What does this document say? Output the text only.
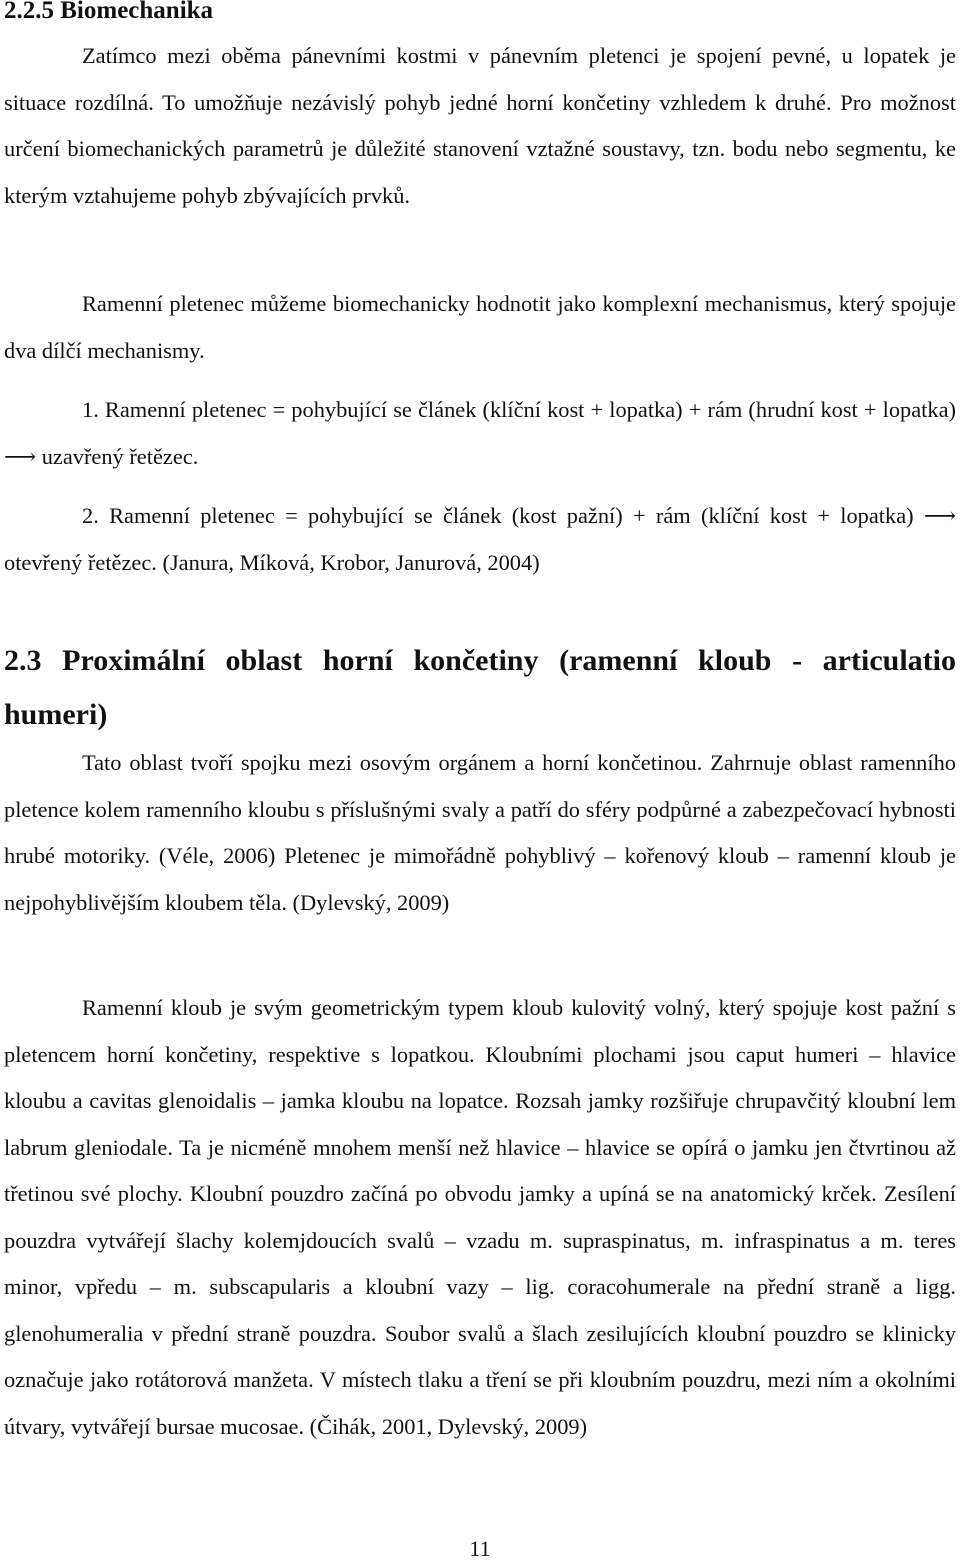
2.2.5 Biomechanika

Zatímco mezi oběma pánevními kostmi v pánevním pletenci je spojení pevné, u lopatek je situace rozdílná. To umožňuje nezávislý pohyb jedné horní končetiny vzhledem k druhé. Pro možnost určení biomechanických parametrů je důležité stanovení vztažné soustavy, tzn. bodu nebo segmentu, ke kterým vztahujeme pohyb zbývajících prvků.

Ramenní pletenec můžeme biomechanicky hodnotit jako komplexní mechanismus, který spojuje dva dílčí mechanismy.

1. Ramenní pletenec = pohybující se článek (klíční kost + lopatka) + rám (hrudní kost + lopatka) ⟶ uzavřený řetězec.

2. Ramenní pletenec = pohybující se článek (kost pažní) + rám (klíční kost + lopatka) ⟶ otevřený řetězec. (Janura, Míková, Krobor, Janurová, 2004)

2.3 Proximální oblast horní končetiny (ramenní kloub - articulatio humeri)

Tato oblast tvoří spojku mezi osovým orgánem a horní končetinou. Zahrnuje oblast ramenního pletence kolem ramenního kloubu s příslušnými svaly a patří do sféry podpůrné a zabezpečovací hybnosti hrubé motoriky. (Véle, 2006) Pletenec je mimořádně pohyblivý – kořenový kloub – ramenní kloub je nejpohyblivějším kloubem těla. (Dylevský, 2009)

Ramenní kloub je svým geometrickým typem kloub kulovitý volný, který spojuje kost pažní s pletencem horní končetiny, respektive s lopatkou. Kloubními plochami jsou caput humeri – hlavice kloubu a cavitas glenoidalis – jamka kloubu na lopatce. Rozsah jamky rozšiřuje chrupavčitý kloubní lem labrum gleniodale. Ta je nicméně mnohem menší než hlavice – hlavice se opírá o jamku jen čtvrtinou až třetinou své plochy. Kloubní pouzdro začíná po obvodu jamky a upíná se na anatomický krček. Zesílení pouzdra vytvářejí šlachy kolemjdoucích svalů – vzadu m. supraspinatus, m. infraspinatus a m. teres minor, vpředu – m. subscapularis a kloubní vazy – lig. coracohumerale na přední straně a ligg. glenohumeralia v přední straně pouzdra. Soubor svalů a šlach zesilujících kloubní pouzdro se klinicky označuje jako rotátorová manžeta. V místech tlaku a tření se při kloubním pouzdru, mezi ním a okolními útvary, vytvářejí bursae mucosae. (Čihák, 2001, Dylevský, 2009)

11
